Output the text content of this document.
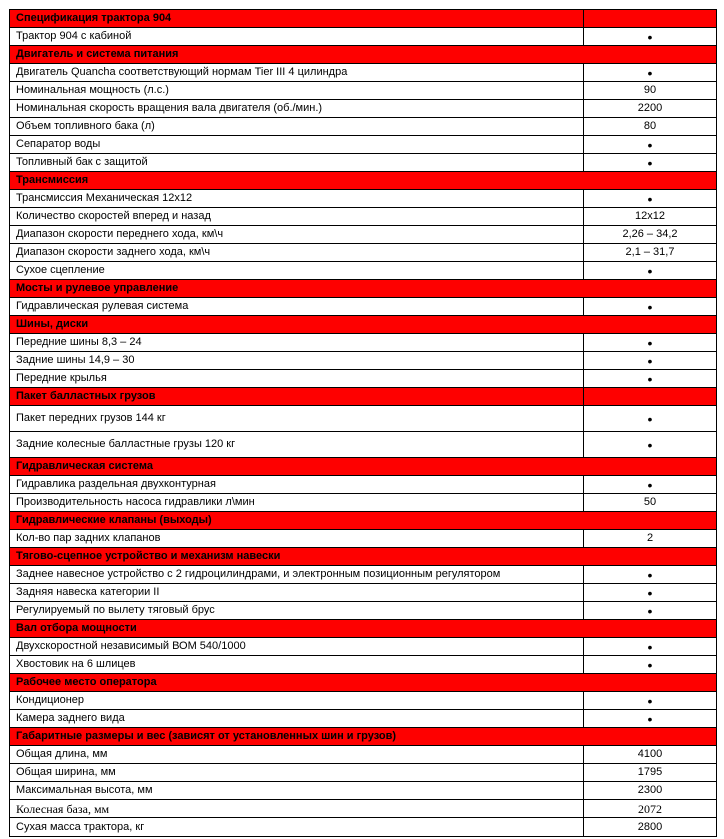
Спецификация трактора 904
Трактор 904 с кабиной	•
Двигатель и система питания
Двигатель Quancha соответствующий нормам Tier III 4 цилиндра	•
Номинальная мощность (л.с.)	90
Номинальная скорость вращения вала двигателя (об./мин.)	2200
Объем топливного бака (л)	80
Сепаратор воды	•
Топливный бак с защитой	•
Трансмиссия
Трансмиссия Механическая 12х12	•
Количество скоростей вперед и назад	12х12
Диапазон скорости переднего хода, км\ч	2,26 – 34,2
Диапазон скорости заднего хода, км\ч	2,1 – 31,7
Сухое сцепление	•
Мосты и рулевое управление
Гидравлическая рулевая система	•
Шины, диски
Передние шины 8,3 – 24	•
Задние шины 14,9 – 30	•
Передние крылья	•
Пакет балластных грузов
Пакет передних грузов 144 кг	•
Задние колесные балластные грузы 120 кг	•
Гидравлическая система
Гидравлика раздельная двухконтурная	•
Производительность насоса гидравлики л\мин	50
Гидравлические клапаны (выходы)
Кол-во пар задних клапанов	2
Тягово-сцепное устройство и механизм навески
Заднее навесное устройство с 2 гидроцилиндрами, и электронным позиционным регулятором	•
Задняя навеска категории II	•
Регулируемый по вылету тяговый брус	•
Вал отбора мощности
Двухскоростной независимый ВОМ 540/1000	•
Хвостовик на 6 шлицев	•
Рабочее место оператора
Кондиционер	•
Камера заднего вида	•
Габаритные размеры и вес (зависят от установленных шин и грузов)
Общая длина, мм	4100
Общая ширина, мм	1795
Максимальная высота, мм	2300
Колесная база, мм	2072
Сухая масса трактора, кг	2800
